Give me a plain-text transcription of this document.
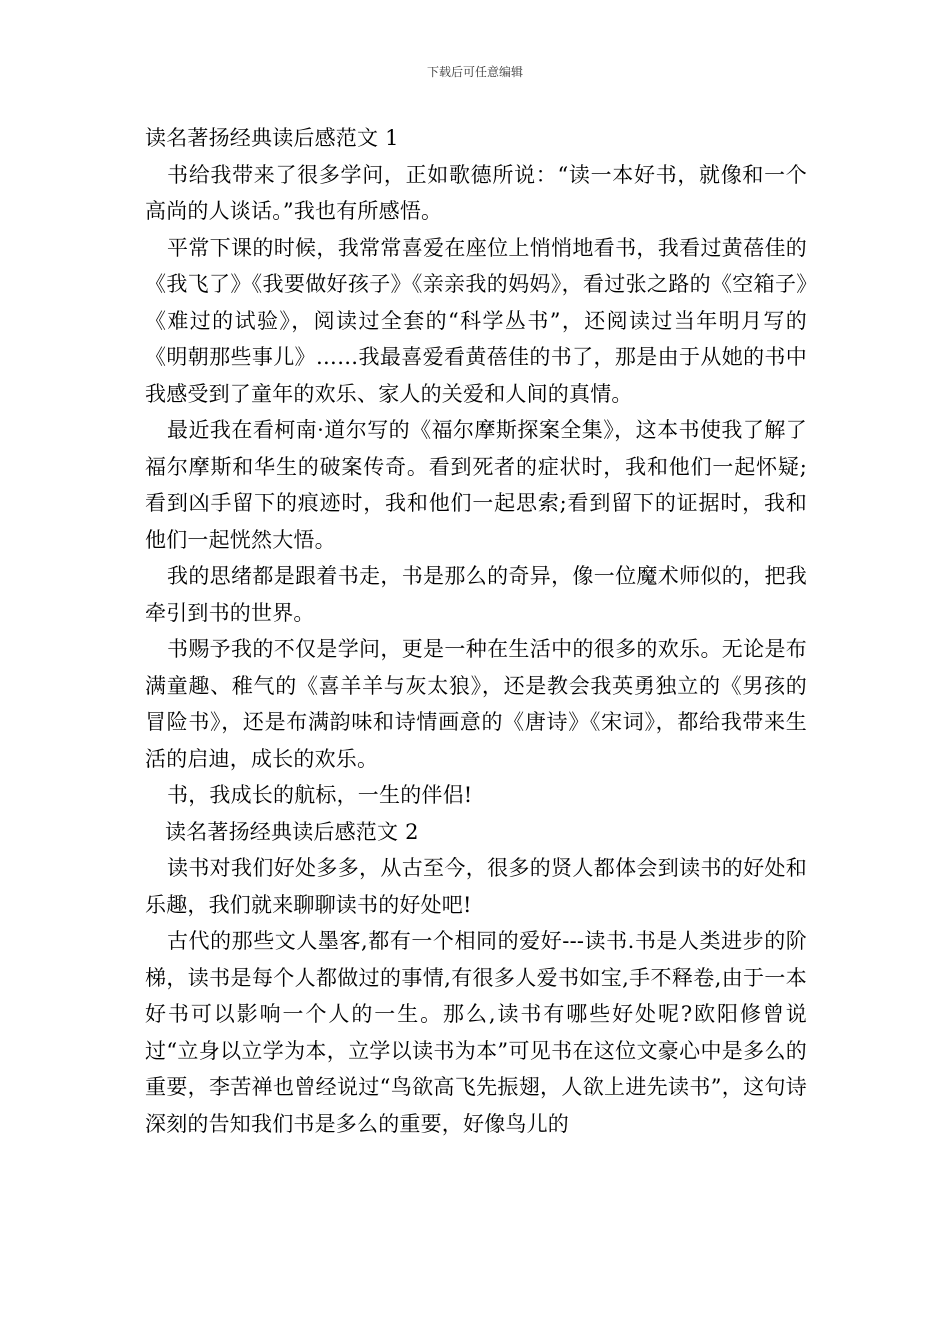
下载后可任意编辑
读名著扬经典读后感范文 1

书给我带来了很多学问，正如歌德所说：“读一本好书，就像和一个高尚的人谈话。”我也有所感悟。

平常下课的时候，我常常喜爱在座位上悄悄地看书，我看过黄蓓佳的《我飞了》《我要做好孩子》《亲亲我的妈妈》，看过张之路的《空箱子》《难过的试验》，阅读过全套的“科学丛书”，还阅读过当年明月写的《明朝那些事儿》……我最喜爱看黄蓓佳的书了，那是由于从她的书中我感受到了童年的欢乐、家人的关爱和人间的真情。

最近我在看柯南·道尔写的《福尔摩斯探案全集》，这本书使我了解了福尔摩斯和华生的破案传奇。看到死者的症状时，我和他们一起怀疑;看到凶手留下的痕迹时，我和他们一起思索;看到留下的证据时，我和他们一起恍然大悟。

我的思绪都是跟着书走，书是那么的奇异，像一位魔术师似的，把我牵引到书的世界。

书赐予我的不仅是学问，更是一种在生活中的很多的欢乐。无论是布满童趣、稚气的《喜羊羊与灰太狼》，还是教会我英勇独立的《男孩的冒险书》，还是布满韵味和诗情画意的《唐诗》《宋词》，都给我带来生活的启迪，成长的欢乐。

书，我成长的航标，一生的伴侣!

读名著扬经典读后感范文 2

读书对我们好处多多，从古至今，很多的贤人都体会到读书的好处和乐趣，我们就来聊聊读书的好处吧!

古代的那些文人墨客,都有一个相同的爱好---读书.书是人类进步的阶梯，读书是每个人都做过的事情,有很多人爱书如宝,手不释卷,由于一本好书可以影响一个人的一生。那么,读书有哪些好处呢?欧阳修曾说过“立身以立学为本，立学以读书为本”可见书在这位文豪心中是多么的重要，李苦禅也曾经说过“鸟欲高飞先振翅，人欲上进先读书”，这句诗深刻的告知我们书是多么的重要，好像鸟儿的
